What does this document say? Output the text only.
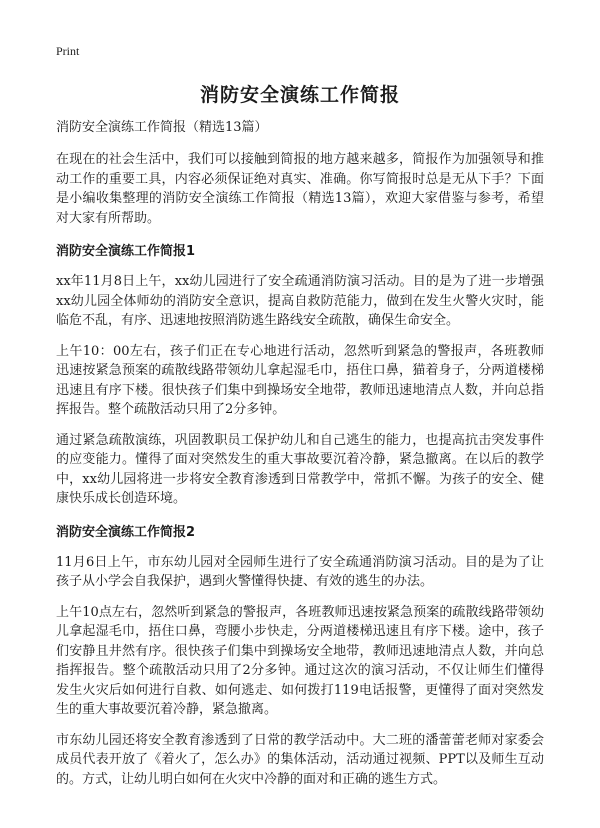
Print
消防安全演练工作简报
消防安全演练工作简报（精选13篇）

在现在的社会生活中，我们可以接触到简报的地方越来越多，简报作为加强领导和推动工作的重要工具，内容必须保证绝对真实、准确。你写简报时总是无从下手？下面是小编收集整理的消防安全演练工作简报（精选13篇），欢迎大家借鉴与参考，希望对大家有所帮助。

消防安全演练工作简报1

xx年11月8日上午，xx幼儿园进行了安全疏通消防演习活动。目的是为了进一步增强xx幼儿园全体师幼的消防安全意识，提高自救防范能力，做到在发生火警火灾时，能临危不乱，有序、迅速地按照消防逃生路线安全疏散，确保生命安全。

上午10：00左右，孩子们正在专心地进行活动，忽然听到紧急的警报声，各班教师迅速按紧急预案的疏散线路带领幼儿拿起湿毛巾，捂住口鼻，猫着身子，分两道楼梯迅速且有序下楼。很快孩子们集中到操场安全地带，教师迅速地清点人数，并向总指挥报告。整个疏散活动只用了2分多钟。

通过紧急疏散演练，巩固教职员工保护幼儿和自己逃生的能力，也提高抗击突发事件的应变能力。懂得了面对突然发生的重大事故要沉着冷静，紧急撤离。在以后的教学中，xx幼儿园将进一步将安全教育渗透到日常教学中，常抓不懈。为孩子的安全、健康快乐成长创造环境。

消防安全演练工作简报2

11月6日上午，市东幼儿园对全园师生进行了安全疏通消防演习活动。目的是为了让孩子从小学会自我保护，遇到火警懂得快捷、有效的逃生的办法。

上午10点左右，忽然听到紧急的警报声，各班教师迅速按紧急预案的疏散线路带领幼儿拿起湿毛巾，捂住口鼻，弯腰小步快走，分两道楼梯迅速且有序下楼。途中，孩子们安静且井然有序。很快孩子们集中到操场安全地带，教师迅速地清点人数，并向总指挥报告。整个疏散活动只用了2分多钟。通过这次的演习活动，不仅让师生们懂得发生火灾后如何进行自救、如何逃走、如何拨打119电话报警，更懂得了面对突然发生的重大事故要沉着冷静，紧急撤离。

市东幼儿园还将安全教育渗透到了日常的教学活动中。大二班的潘蕾蕾老师对家委会成员代表开放了《着火了，怎么办》的集体活动，活动通过视频、PPT以及师生互动的。方式，让幼儿明白如何在火灾中冷静的面对和正确的逃生方式。
